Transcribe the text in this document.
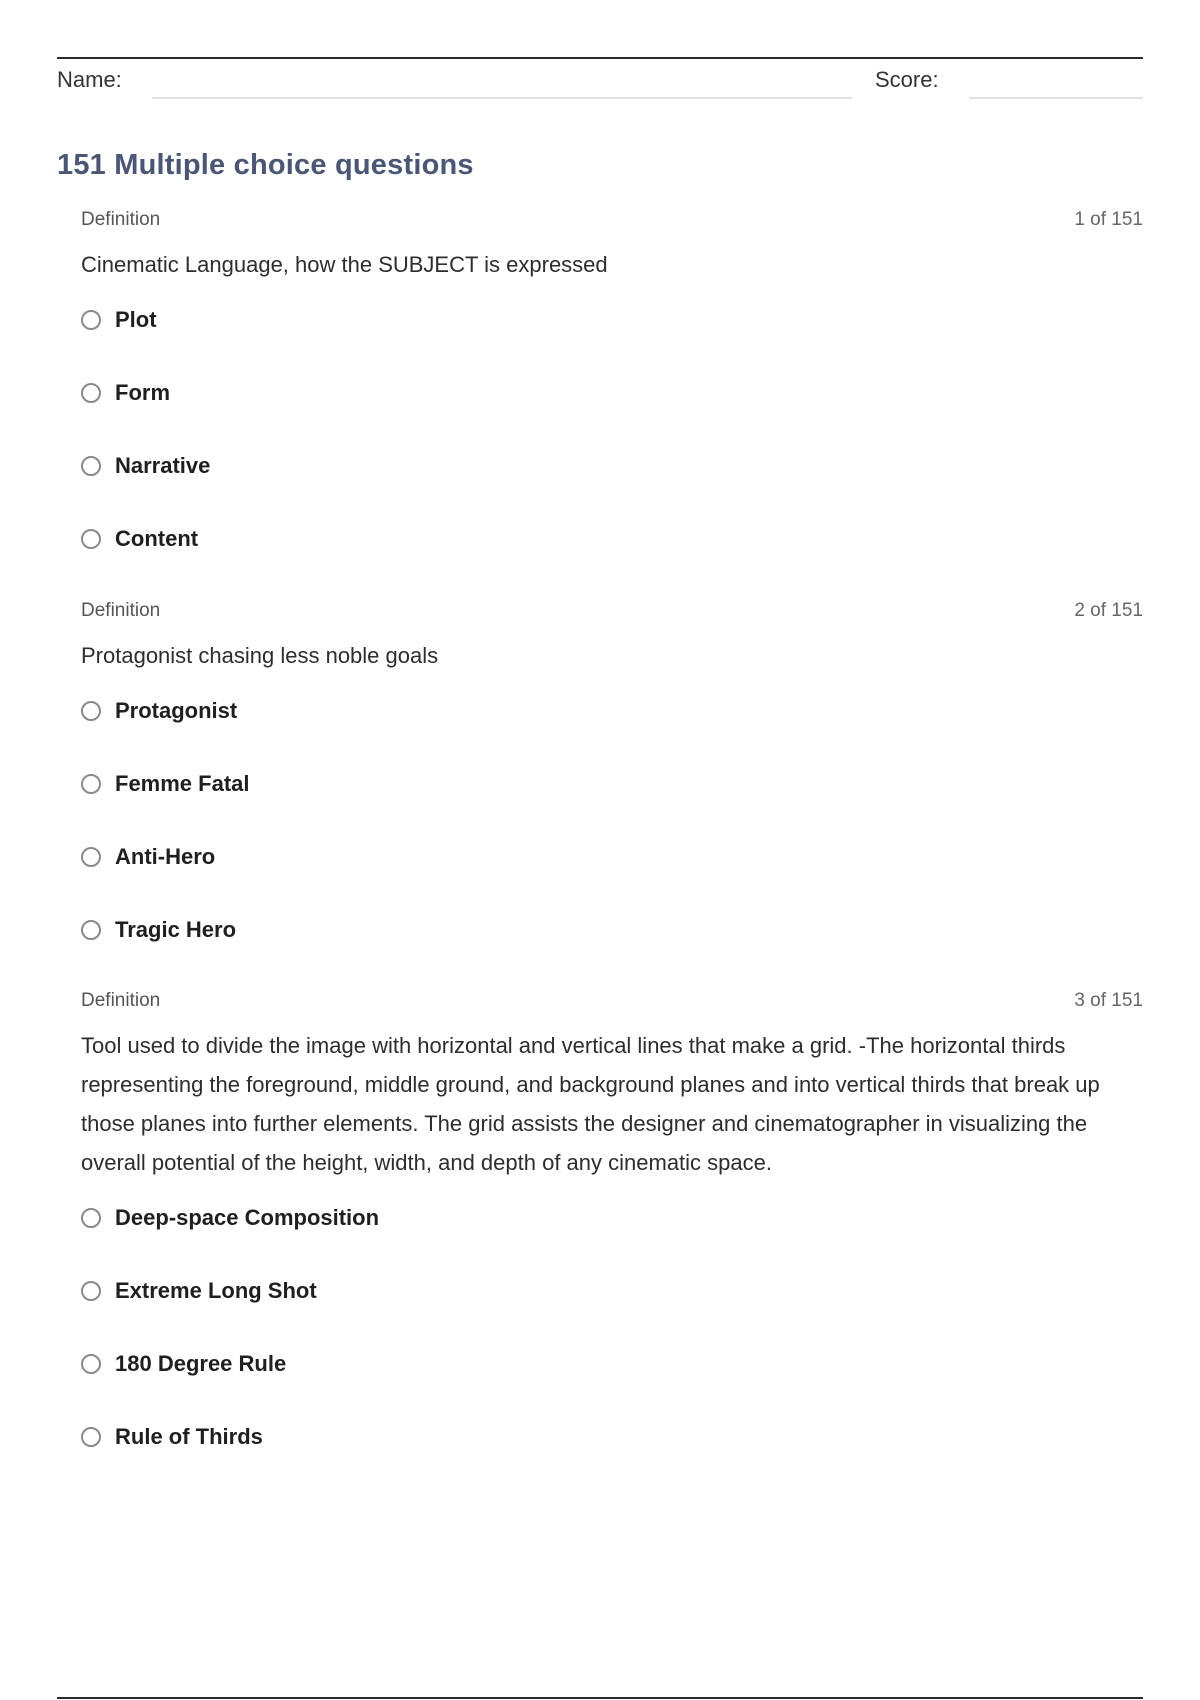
Name:	Score:
151 Multiple choice questions
Definition	1 of 151
Cinematic Language, how the SUBJECT is expressed
Plot
Form
Narrative
Content
Definition	2 of 151
Protagonist chasing less noble goals
Protagonist
Femme Fatal
Anti-Hero
Tragic Hero
Definition	3 of 151
Tool used to divide the image with horizontal and vertical lines that make a grid. -The horizontal thirds representing the foreground, middle ground, and background planes and into vertical thirds that break up those planes into further elements. The grid assists the designer and cinematographer in visualizing the overall potential of the height, width, and depth of any cinematic space.
Deep-space Composition
Extreme Long Shot
180 Degree Rule
Rule of Thirds
